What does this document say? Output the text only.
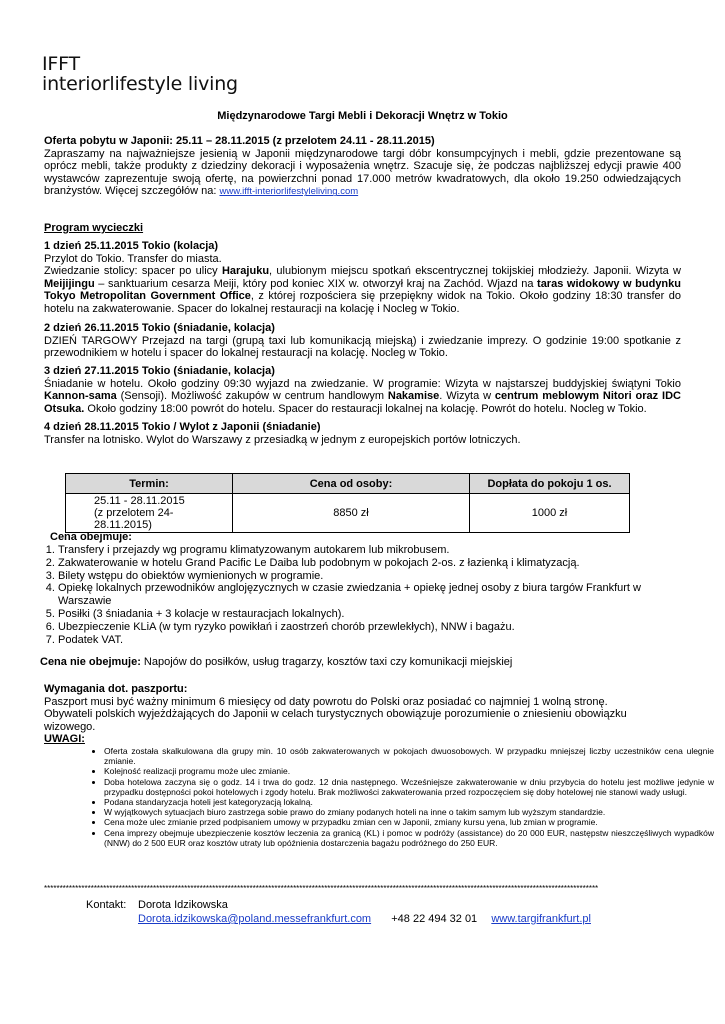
IFFT
interiorlifestyle living
Międzynarodowe Targi Mebli i Dekoracji Wnętrz w Tokio

Oferta pobytu w Japonii: 25.11 – 28.11.2015 (z przelotem 24.11 - 28.11.2015)

Zapraszamy na najważniejsze jesienią w Japonii międzynarodowe targi dóbr konsumpcyjnych i mebli, gdzie prezentowane są oprócz mebli, także produkty z dziedziny dekoracji i wyposażenia wnętrz. Szacuje się, że podczas najbliższej edycji prawie 400 wystawców zaprezentuje swoją ofertę, na powierzchni ponad 17.000 metrów kwadratowych, dla około 19.250 odwiedzających branżystów. Więcej szczegółów na: www.ifft-interiorlifestyleliving.com

Program wycieczki

1 dzień 25.11.2015 Tokio (kolacja)

Przylot do Tokio. Transfer do miasta.

Zwiedzanie stolicy: spacer po ulicy Harajuku, ulubionym miejscu spotkań ekscentrycznej tokijskiej młodzieży. Japonii. Wizyta w Meijijingu – sanktuarium cesarza Meiji, który pod koniec XIX w. otworzył kraj na Zachód. Wjazd na taras widokowy w budynku Tokyo Metropolitan Government Office, z której rozpościera się przepiękny widok na Tokio. Około godziny 18:30 transfer do hotelu na zakwaterowanie. Spacer do lokalnej restauracji na kolację i Nocleg w Tokio.

2 dzień 26.11.2015 Tokio (śniadanie, kolacja)

DZIEŃ TARGOWY Przejazd na targi (grupą taxi lub komunikacją miejską) i zwiedzanie imprezy. O godzinie 19:00 spotkanie z przewodnikiem w hotelu i spacer do lokalnej restauracji na kolację. Nocleg w Tokio.

3 dzień 27.11.2015 Tokio (śniadanie, kolacja)

Śniadanie w hotelu. Około godziny 09:30 wyjazd na zwiedzanie. W programie: Wizyta w najstarszej buddyjskiej świątyni Tokio Kannon-sama (Sensoji). Możliwość zakupów w centrum handlowym Nakamise. Wizyta w centrum meblowym Nitori oraz IDC Otsuka. Około godziny 18:00 powrót do hotelu. Spacer do restauracji lokalnej na kolację. Powrót do hotelu. Nocleg w Tokio.

4 dzień 28.11.2015 Tokio / Wylot z Japonii (śniadanie)

Transfer na lotnisko. Wylot do Warszawy z przesiadką w jednym z europejskich portów lotniczych.

Termin:	Cena od osoby:	Dopłata do pokoju 1 os.

25.11 - 28.11.2015
(z przelotem 24-28.11.2015)	8850 zł	1000 zł
Cena obejmuje:
1. Transfery i przejazdy wg programu klimatyzowanym autokarem lub mikrobusem.
2. Zakwaterowanie w hotelu Grand Pacific Le Daiba lub podobnym w pokojach 2-os. z łazienką i klimatyzacją.
3. Bilety wstępu do obiektów wymienionych w programie.
4. Opiekę lokalnych przewodników anglojęzycznych w czasie zwiedzania + opiekę jednej osoby z biura targów Frankfurt w Warszawie
5. Posiłki (3 śniadania + 3 kolacje w restauracjach lokalnych).
6. Ubezpieczenie KLiA (w tym ryzyko powikłań i zaostrzeń chorób przewlekłych), NNW i bagażu.
7. Podatek VAT.
Cena nie obejmuje: Napojów do posiłków, usług tragarzy, kosztów taxi czy komunikacji miejskiej

Wymagania dot. paszportu:

Paszport musi być ważny minimum 6 miesięcy od daty powrotu do Polski oraz posiadać co najmniej 1 wolną stronę.

Obywateli polskich wyjeżdżających do Japonii w celach turystycznych obowiązuje porozumienie o zniesieniu obowiązku wizowego.

UWAGI:
• Oferta została skalkulowana dla grupy min. 10 osób zakwaterowanych w pokojach dwuosobowych. W przypadku mniejszej liczby uczestników cena ulegnie zmianie.
• Kolejność realizacji programu może ulec zmianie.
• Doba hotelowa zaczyna się o godz. 14 i trwa do godz. 12 dnia następnego. Wcześniejsze zakwaterowanie w dniu przybycia do hotelu jest możliwe jedynie w przypadku dostępności pokoi hotelowych i zgody hotelu. Brak możliwości zakwaterowania przed rozpoczęciem się doby hotelowej nie stanowi wady usługi.
• Podana standaryzacja hoteli jest kategoryzacją lokalną.
• W wyjątkowych sytuacjach biuro zastrzega sobie prawo do zmiany podanych hoteli na inne o takim samym lub wyższym standardzie.
• Cena może ulec zmianie przed podpisaniem umowy w przypadku zmian cen w Japonii, zmiany kursu yena, lub zmian w programie.
• Cena imprezy obejmuje ubezpieczenie kosztów leczenia za granicą (KL) i pomoc w podróży (assistance) do 20 000 EUR, następstw nieszczęśliwych wypadków (NNW) do 2 500 EUR oraz kosztów utraty lub opóźnienia dostarczenia bagażu podróżnego do 250 EUR.
**********************************************************************************************************************************************************************************
Kontakt: Dorota Idzikowska
Dorota.idzikowska@poland.messefrankfurt.com +48 22 494 32 01 www.targifrankfurt.pl
